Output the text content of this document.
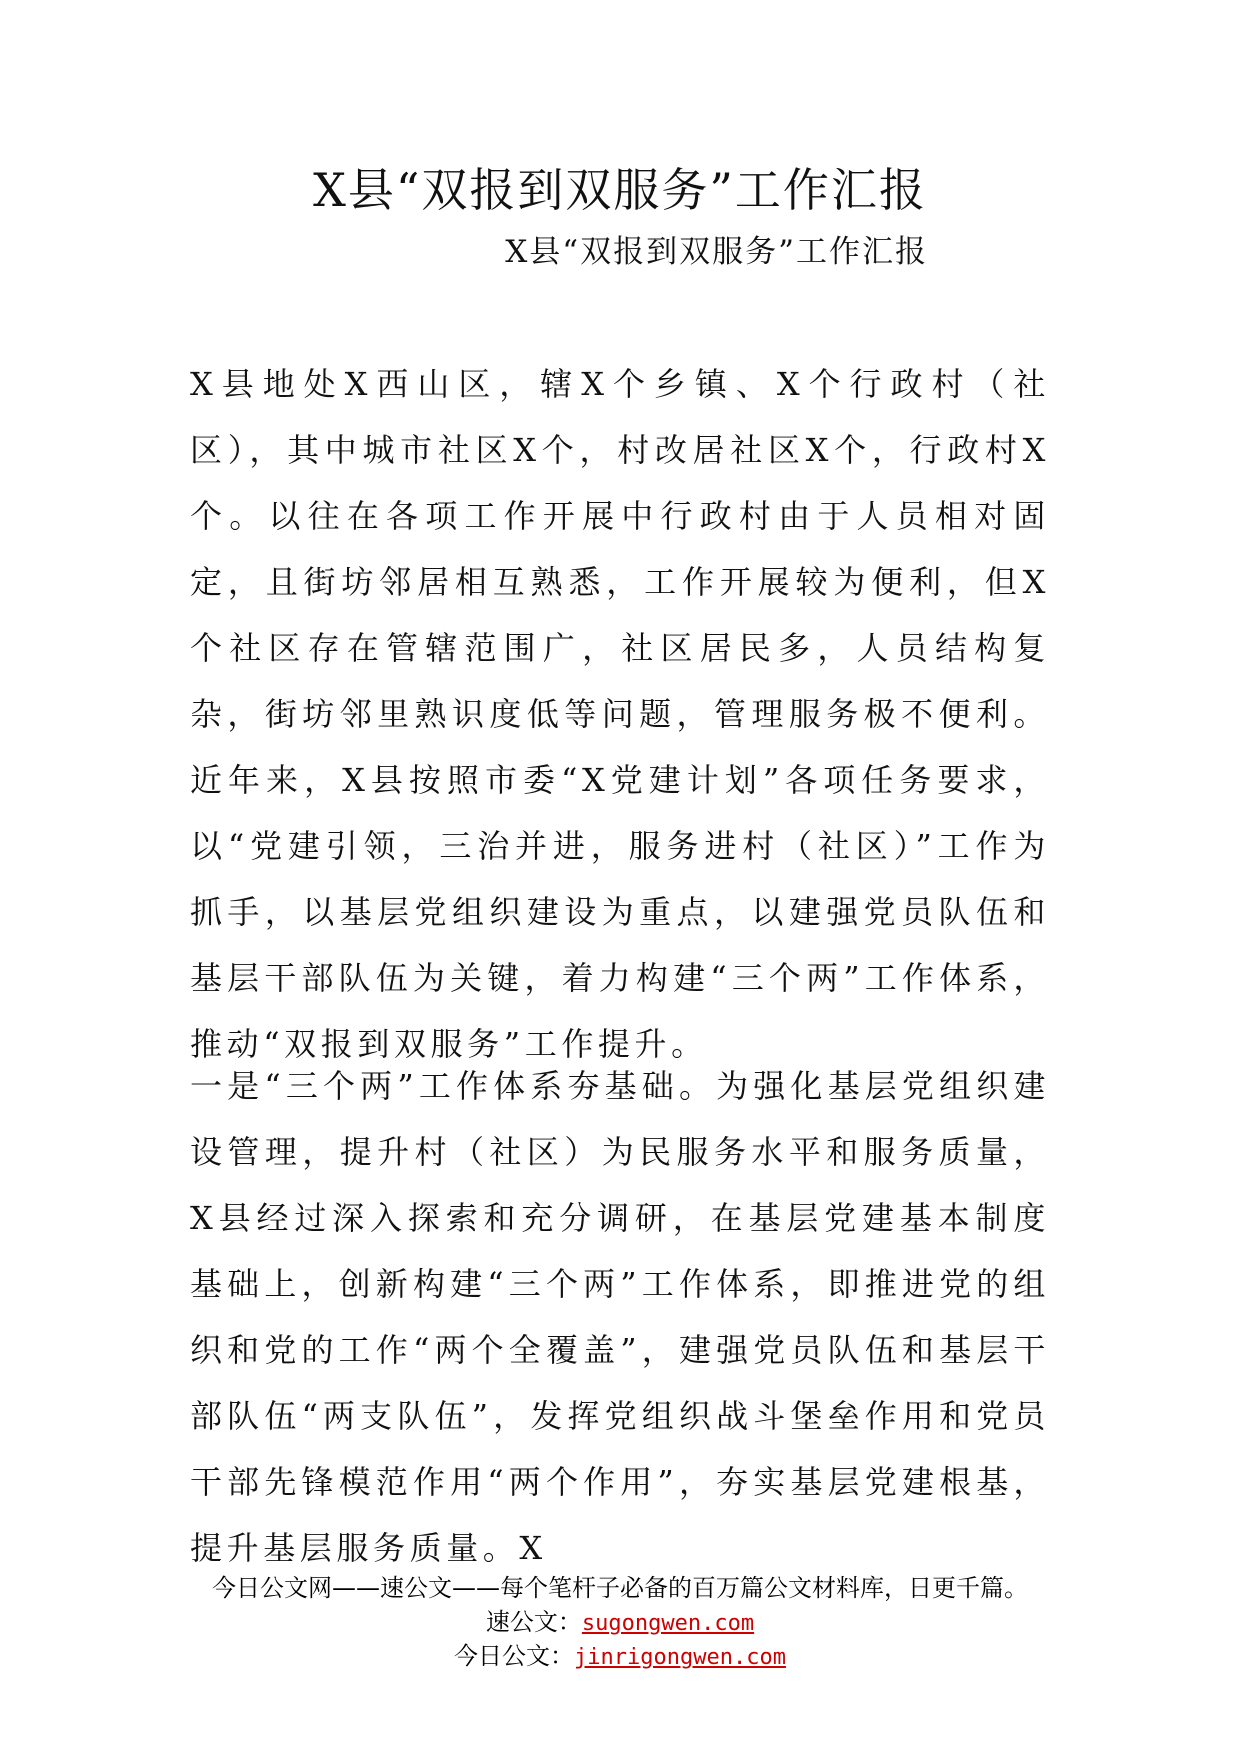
X县“双报到双服务”工作汇报
X县“双报到双服务”工作汇报

X县地处X西山区，辖X个乡镇、X个行政村（社区），其中城市社区X个，村改居社区X个，行政村X个。以往在各项工作开展中行政村由于人员相对固定，且街坊邻居相互熟悉，工作开展较为便利，但X个社区存在管辖范围广，社区居民多，人员结构复杂，街坊邻里熟识度低等问题，管理服务极不便利。近年来，X县按照市委“X党建计划”各项任务要求，以“党建引领，三治并进，服务进村（社区）”工作为抓手，以基层党组织建设为重点，以建强党员队伍和基层干部队伍为关键，着力构建“三个两”工作体系，推动“双报到双服务”工作提升。

一是“三个两”工作体系夯基础。为强化基层党组织建设管理，提升村（社区）为民服务水平和服务质量，X县经过深入探索和充分调研，在基层党建基本制度基础上，创新构建“三个两”工作体系，即推进党的组织和党的工作“两个全覆盖”，建强党员队伍和基层干部队伍“两支队伍”，发挥党组织战斗堡垒作用和党员干部先锋模范作用“两个作用”，夯实基层党建根基，提升基层服务质量。X

今日公文网——速公文——每个笔杆子必备的百万篇公文材料库，日更千篇。
速公文：sugongwen.com
今日公文：jinrigongwen.com
